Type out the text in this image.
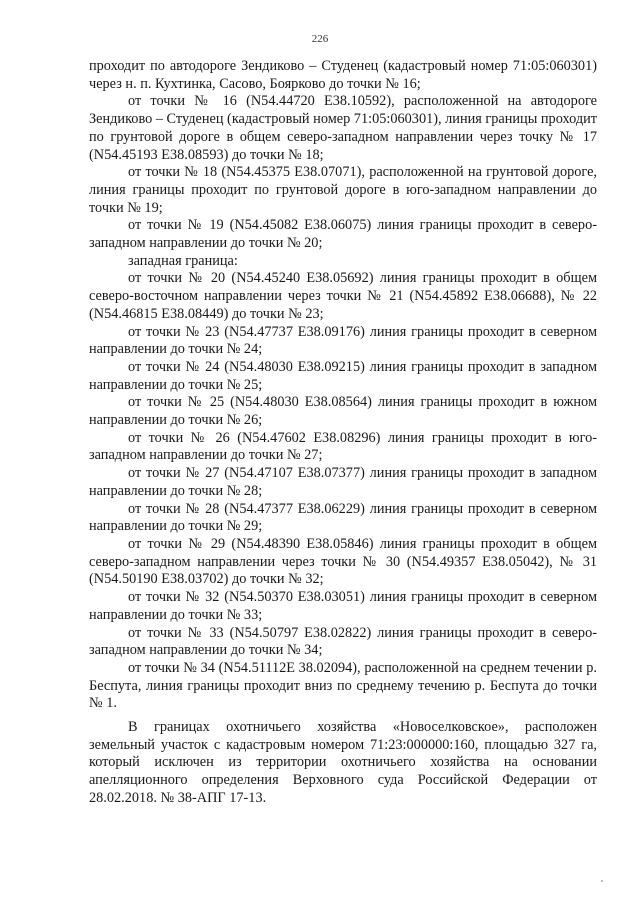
226

проходит по автодороге Зендиково – Студенец (кадастровый номер 71:05:060301) через н. п. Кухтинка, Сасово, Боярково до точки № 16;

от точки № 16 (N54.44720 E38.10592), расположенной на автодороге Зендиково – Студенец (кадастровый номер 71:05:060301), линия границы проходит по грунтовой дороге в общем северо-западном направлении через точку № 17 (N54.45193 E38.08593) до точки № 18;

от точки № 18 (N54.45375 E38.07071), расположенной на грунтовой дороге, линия границы проходит по грунтовой дороге в юго-западном направлении до точки № 19;

от точки № 19 (N54.45082 E38.06075) линия границы проходит в северо-западном направлении до точки № 20;

западная граница:

от точки № 20 (N54.45240 E38.05692) линия границы проходит в общем северо-восточном направлении через точки № 21 (N54.45892 E38.06688), № 22 (N54.46815 E38.08449) до точки № 23;

от точки № 23 (N54.47737 E38.09176) линия границы проходит в северном направлении до точки № 24;

от точки № 24 (N54.48030 E38.09215) линия границы проходит в западном направлении до точки № 25;

от точки № 25 (N54.48030 E38.08564) линия границы проходит в южном направлении до точки № 26;

от точки № 26 (N54.47602 E38.08296) линия границы проходит в юго-западном направлении до точки № 27;

от точки № 27 (N54.47107 E38.07377) линия границы проходит в западном направлении до точки № 28;

от точки № 28 (N54.47377 E38.06229) линия границы проходит в северном направлении до точки № 29;

от точки № 29 (N54.48390 E38.05846) линия границы проходит в общем северо-западном направлении через точки № 30 (N54.49357 E38.05042), № 31 (N54.50190 E38.03702) до точки № 32;

от точки № 32 (N54.50370 E38.03051) линия границы проходит в северном направлении до точки № 33;

от точки № 33 (N54.50797 E38.02822) линия границы проходит в северо-западном направлении до точки № 34;

от точки № 34 (N54.51112E 38.02094), расположенной на среднем течении р. Беспута, линия границы проходит вниз по среднему течению р. Беспута до точки № 1.

В границах охотничьего хозяйства «Новоселковское», расположен земельный участок с кадастровым номером 71:23:000000:160, площадью 327 га, который исключен из территории охотничьего хозяйства на основании апелляционного определения Верховного суда Российской Федерации от 28.02.2018. № 38-АПГ 17-13.
